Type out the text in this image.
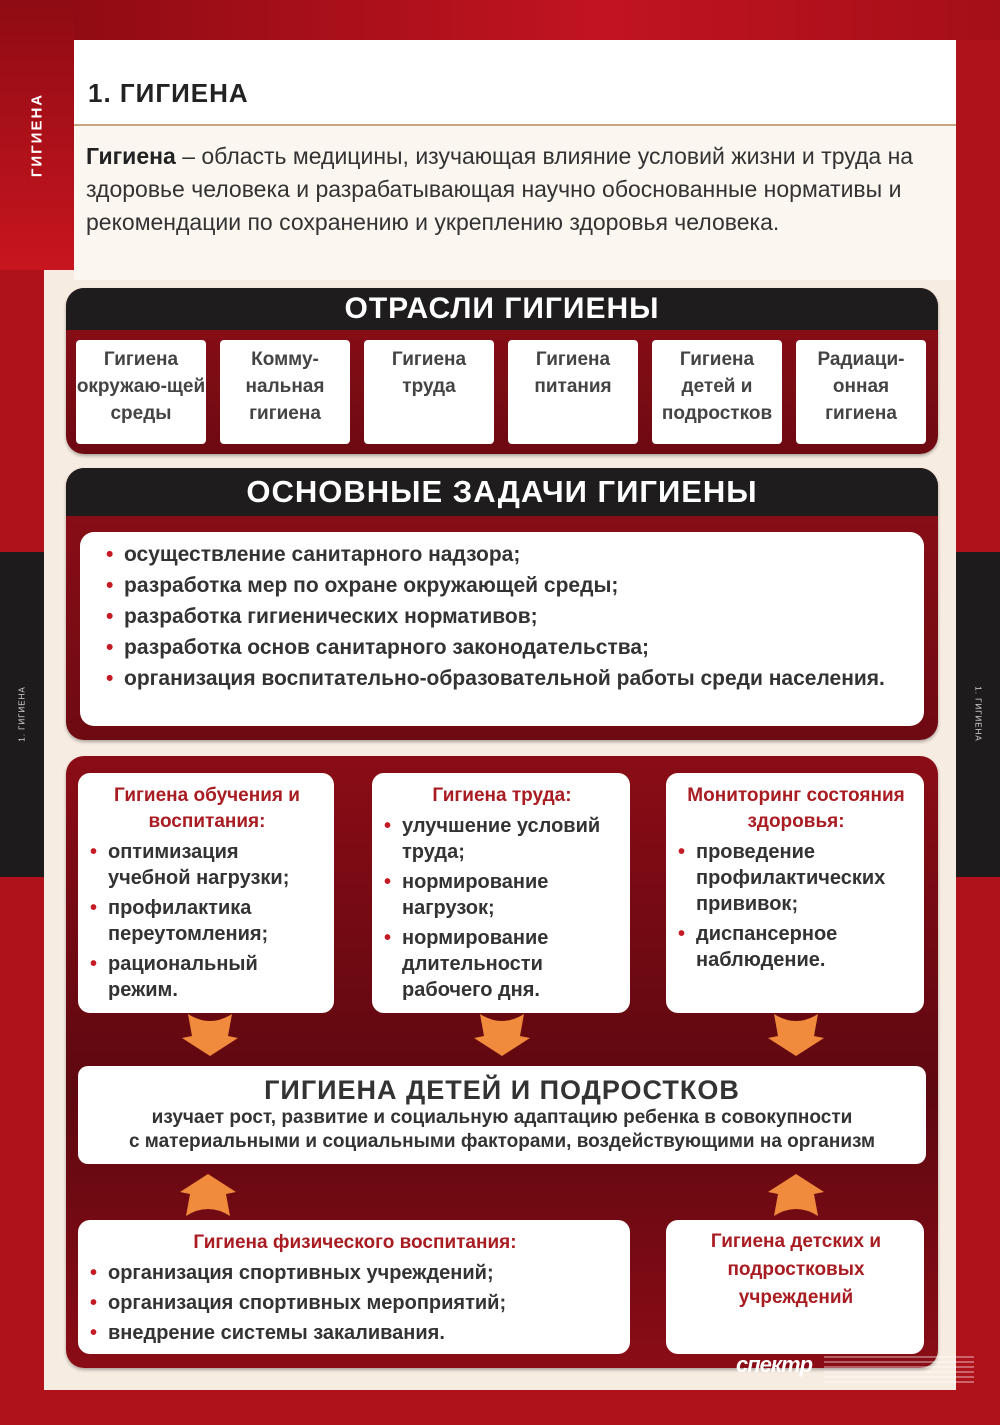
ГИГИЕНА
1. ГИГИЕНА	1. ГИГИЕНА
1. ГИГИЕНА

Гигиена – область медицины, изучающая влияние условий жизни и труда на здоровье человека и разрабатывающая научно обоснованные нормативы и рекомендации по сохранению и укреплению здоровья человека.

ОТРАСЛИ ГИГИЕНЫ
Гигиена окружаю-щей среды
Комму-нальная гигиена
Гигиена труда
Гигиена питания
Гигиена детей и подростков
Радиаци-онная гигиена
ОСНОВНЫЕ ЗАДАЧИ ГИГИЕНЫ
• осуществление санитарного надзора;
• разработка мер по охране окружающей среды;
• разработка гигиенических нормативов;
• разработка основ санитарного законодательства;
• организация воспитательно-образовательной работы среди населения.
Гигиена обучения и воспитания:
• оптимизация учебной нагрузки;
• профилактика переутомления;
• рациональный режим.
Гигиена труда:
• улучшение условий труда;
• нормирование нагрузок;
• нормирование длительности рабочего дня.
Мониторинг состояния здоровья:
• проведение профилактических прививок;
• диспансерное наблюдение.
ГИГИЕНА ДЕТЕЙ И ПОДРОСТКОВ

изучает рост, развитие и социальную адаптацию ребенка в совокупности

с материальными и социальными факторами, воздействующими на организм

Гигиена физического воспитания:
• организация спортивных учреждений;
• организация спортивных мероприятий;
• внедрение системы закаливания.
Гигиена детских и подростковых учреждений
спектр
